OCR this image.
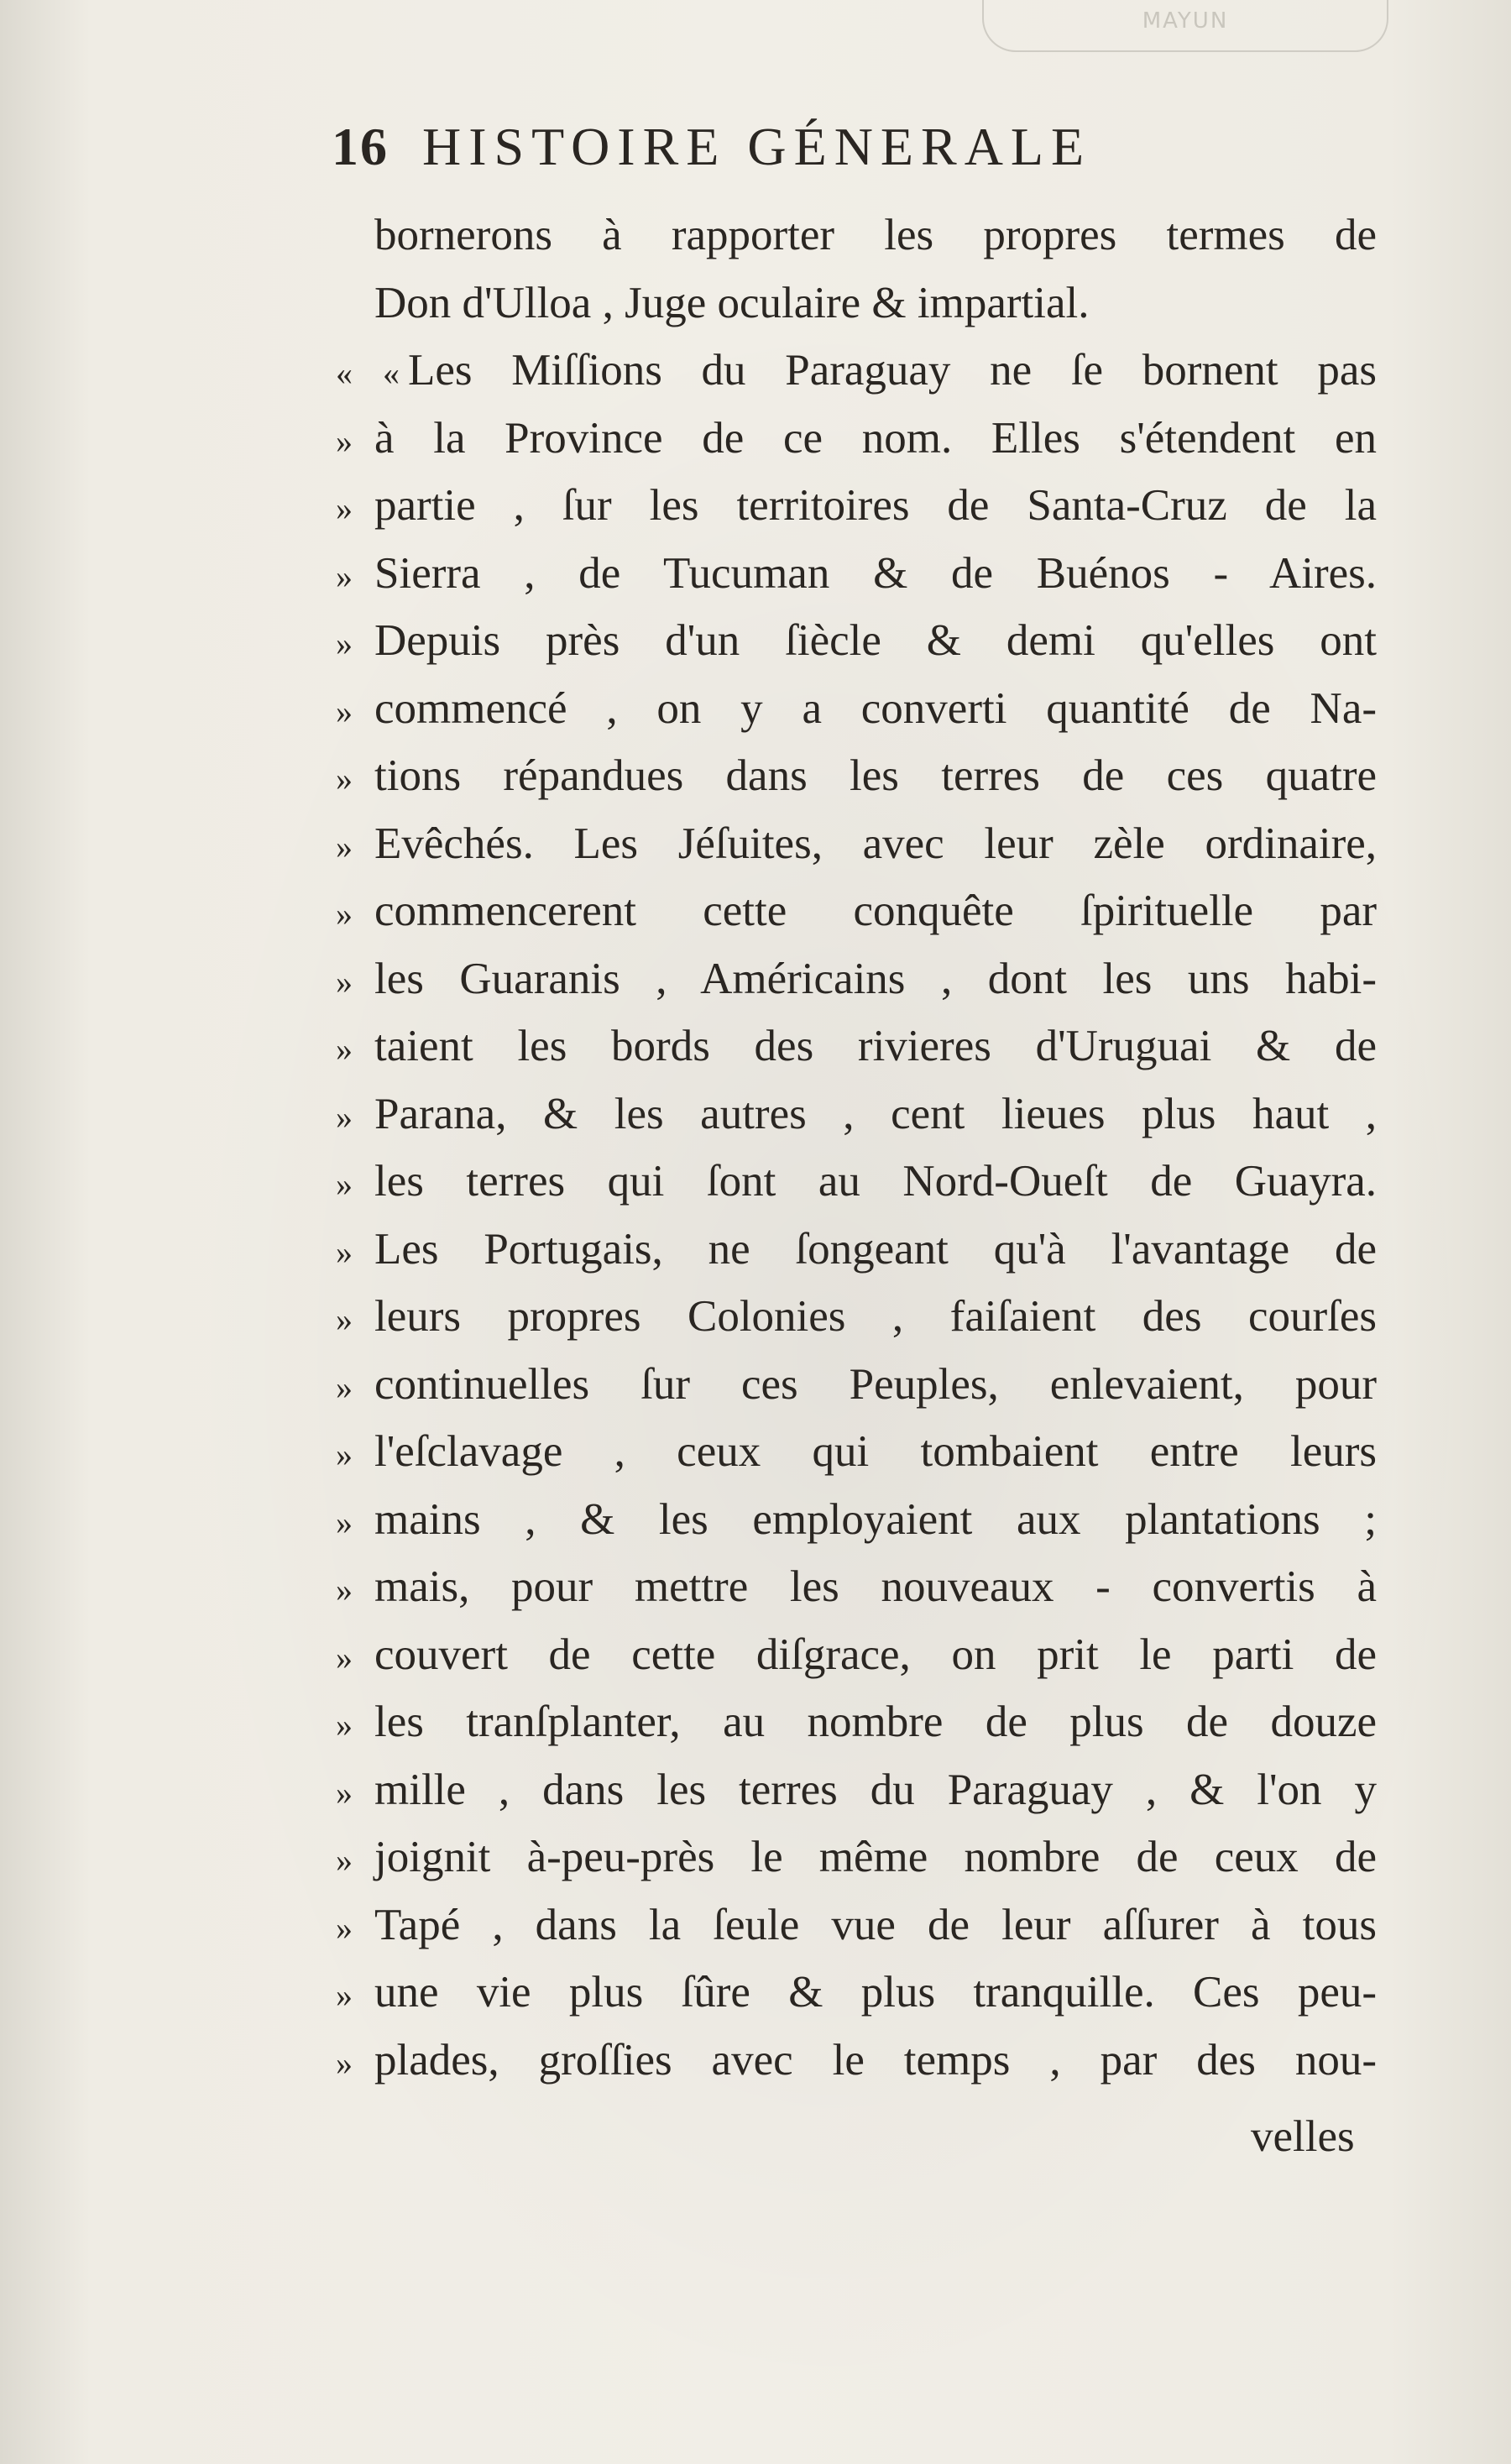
MAYUN
16 HISTOIRE GÉNERALE
bornerons à rapporter les propres termes de
Don d'Ulloa , Juge oculaire & impartial.
« « Les Miſſions du Paraguay ne ſe bornent pas
» à la Province de ce nom. Elles s'étendent en
» partie , ſur les territoires de Santa-Cruz de la
» Sierra , de Tucuman & de Buénos - Aires.
» Depuis près d'un ſiècle & demi qu'elles ont
» commencé , on y a converti quantité de Na-
» tions répandues dans les terres de ces quatre
» Evêchés. Les Jéſuites, avec leur zèle ordinaire,
» commencerent cette conquête ſpirituelle par
» les Guaranis , Américains , dont les uns habi-
» taient les bords des rivieres d'Uruguai & de
» Parana, & les autres , cent lieues plus haut ,
» les terres qui ſont au Nord-Oueſt de Guayra.
» Les Portugais, ne ſongeant qu'à l'avantage de
» leurs propres Colonies , faiſaient des courſes
» continuelles ſur ces Peuples, enlevaient, pour
» l'eſclavage , ceux qui tombaient entre leurs
» mains , & les employaient aux plantations ;
» mais, pour mettre les nouveaux - convertis à
» couvert de cette diſgrace, on prit le parti de
» les tranſplanter, au nombre de plus de douze
» mille , dans les terres du Paraguay , & l'on y
» joignit à-peu-près le même nombre de ceux de
» Tapé , dans la ſeule vue de leur aſſurer à tous
» une vie plus ſûre & plus tranquille. Ces peu-
» plades, groſſies avec le temps , par des nou-
velles
